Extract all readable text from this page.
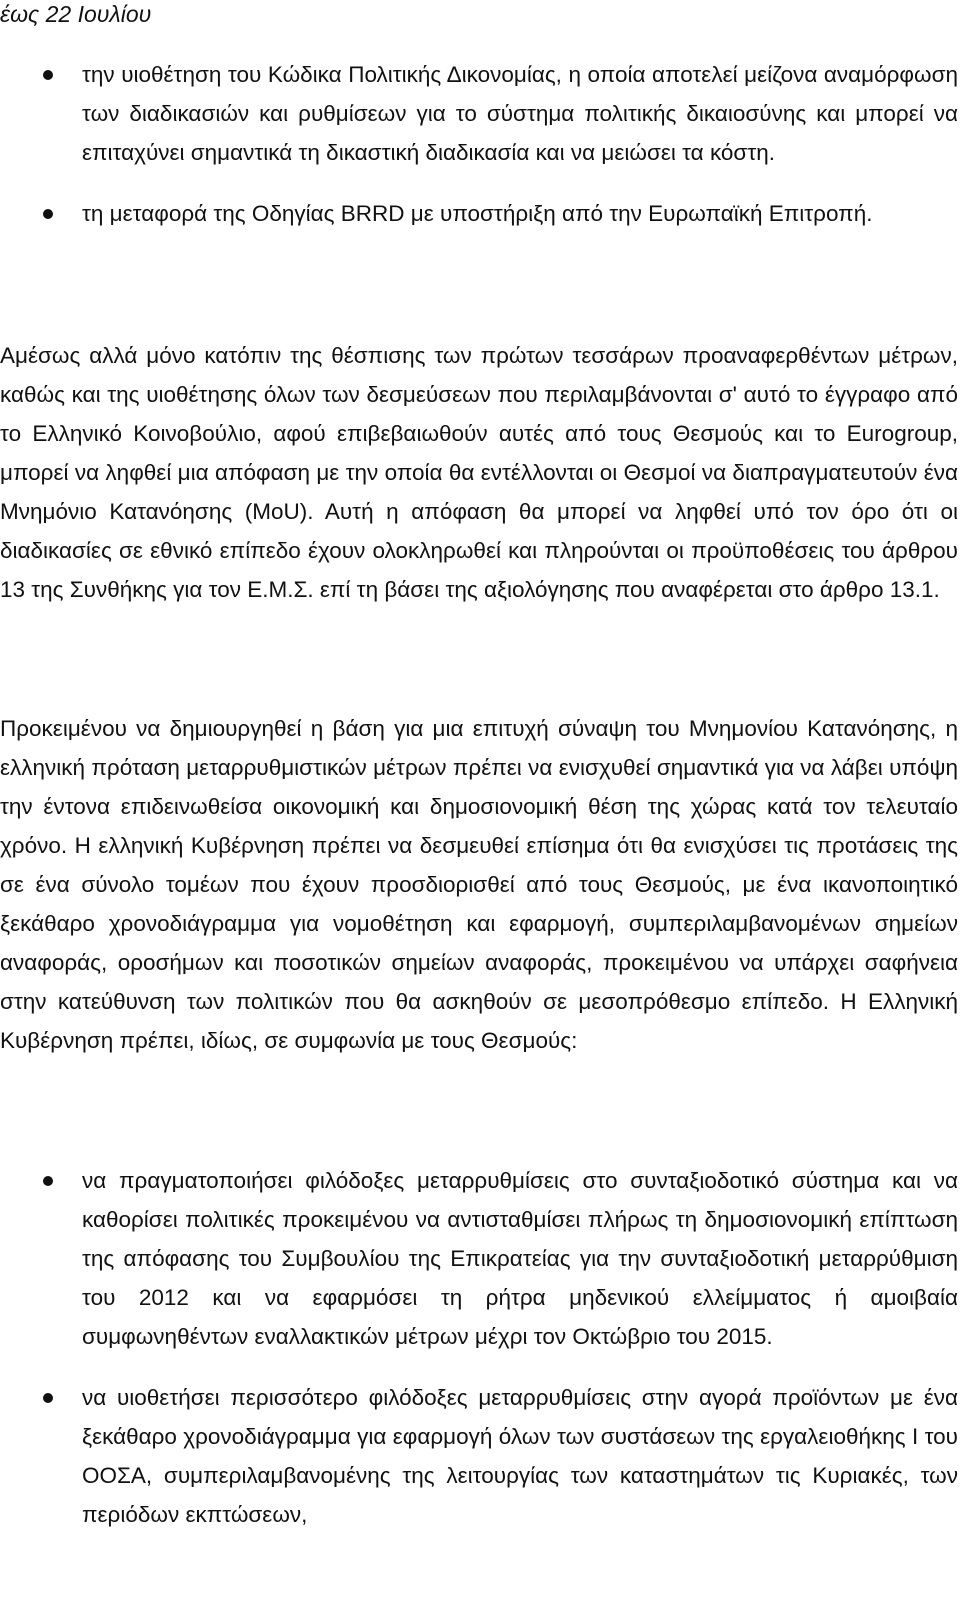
έως 22 Ιουλίου
την υιοθέτηση του Κώδικα Πολιτικής Δικονομίας, η οποία αποτελεί μείζονα αναμόρφωση των διαδικασιών και ρυθμίσεων για το σύστημα πολιτικής δικαιοσύνης και μπορεί να επιταχύνει σημαντικά τη δικαστική διαδικασία και να μειώσει τα κόστη.
τη μεταφορά της Οδηγίας BRRD με υποστήριξη από την Ευρωπαϊκή Επιτροπή.

Αμέσως αλλά μόνο κατόπιν της θέσπισης των πρώτων τεσσάρων προαναφερθέντων μέτρων, καθώς και της υιοθέτησης όλων των δεσμεύσεων που περιλαμβάνονται σ' αυτό το έγγραφο από το Ελληνικό Κοινοβούλιο, αφού επιβεβαιωθούν αυτές από τους Θεσμούς και το Eurogroup, μπορεί να ληφθεί μια απόφαση με την οποία θα εντέλλονται οι Θεσμοί να διαπραγματευτούν ένα Μνημόνιο Κατανόησης (MoU). Αυτή η απόφαση θα μπορεί να ληφθεί υπό τον όρο ότι οι διαδικασίες σε εθνικό επίπεδο έχουν ολοκληρωθεί και πληρούνται οι προϋποθέσεις του άρθρου 13 της Συνθήκης για τον Ε.Μ.Σ. επί τη βάσει της αξιολόγησης που αναφέρεται στο άρθρο 13.1.

Προκειμένου να δημιουργηθεί η βάση για μια επιτυχή σύναψη του Μνημονίου Κατανόησης, η ελληνική πρόταση μεταρρυθμιστικών μέτρων πρέπει να ενισχυθεί σημαντικά για να λάβει υπόψη την έντονα επιδεινωθείσα οικονομική και δημοσιονομική θέση της χώρας κατά τον τελευταίο χρόνο. Η ελληνική Κυβέρνηση πρέπει να δεσμευθεί επίσημα ότι θα ενισχύσει τις προτάσεις της σε ένα σύνολο τομέων που έχουν προσδιορισθεί από τους Θεσμούς, με ένα ικανοποιητικό ξεκάθαρο χρονοδιάγραμμα για νομοθέτηση και εφαρμογή, συμπεριλαμβανομένων σημείων αναφοράς, οροσήμων και ποσοτικών σημείων αναφοράς, προκειμένου να υπάρχει σαφήνεια στην κατεύθυνση των πολιτικών που θα ασκηθούν σε μεσοπρόθεσμο επίπεδο. Η Ελληνική Κυβέρνηση πρέπει, ιδίως, σε συμφωνία με τους Θεσμούς:

να πραγματοποιήσει φιλόδοξες μεταρρυθμίσεις στο συνταξιοδοτικό σύστημα και να καθορίσει πολιτικές προκειμένου να αντισταθμίσει πλήρως τη δημοσιονομική επίπτωση της απόφασης του Συμβουλίου της Επικρατείας για την συνταξιοδοτική μεταρρύθμιση του 2012 και να εφαρμόσει τη ρήτρα μηδενικού ελλείμματος ή αμοιβαία συμφωνηθέντων εναλλακτικών μέτρων μέχρι τον Οκτώβριο του 2015.
να υιοθετήσει περισσότερο φιλόδοξες μεταρρυθμίσεις στην αγορά προϊόντων με ένα ξεκάθαρο χρονοδιάγραμμα για εφαρμογή όλων των συστάσεων της εργαλειοθήκης I του ΟΟΣΑ, συμπεριλαμβανομένης της λειτουργίας των καταστημάτων τις Κυριακές, των περιόδων εκπτώσεων,
